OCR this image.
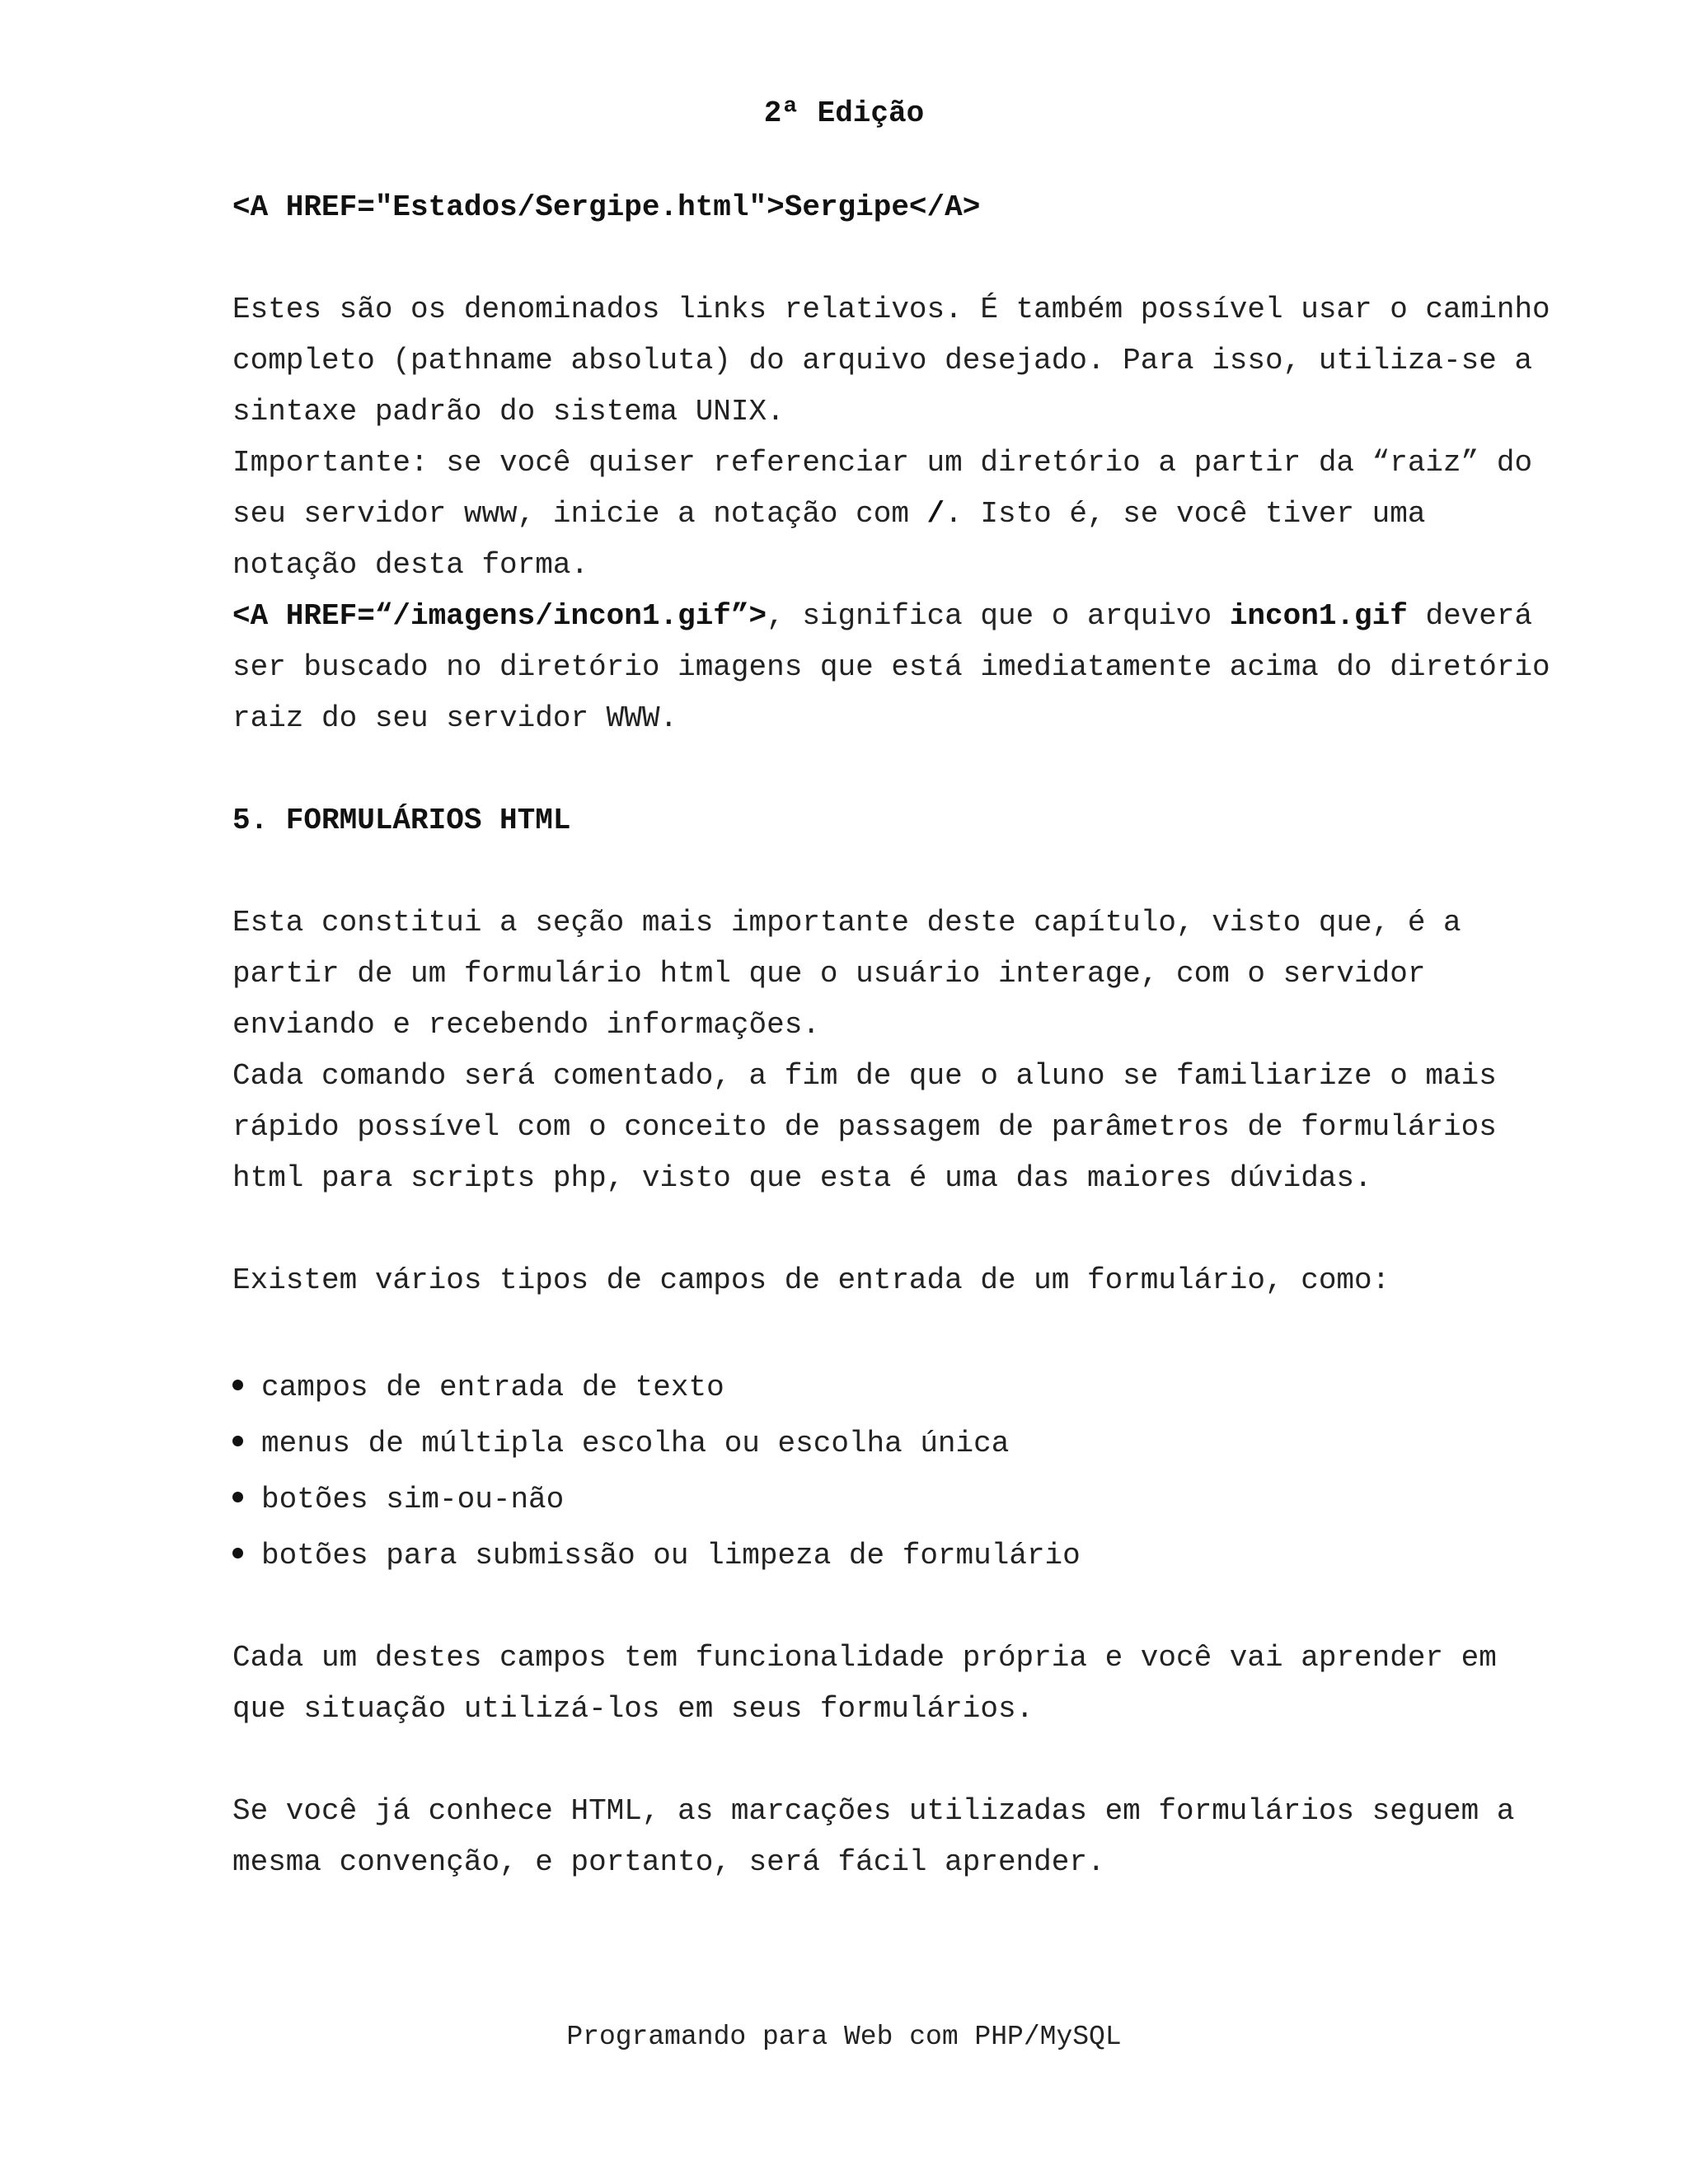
2ª Edição
<A HREF="Estados/Sergipe.html">Sergipe</A>
Estes são os denominados links relativos. É também possível usar o caminho
completo (pathname absoluta) do arquivo desejado. Para isso, utiliza-se a
sintaxe padrão do sistema UNIX.
Importante: se você quiser referenciar um diretório a partir da “raiz” do
seu servidor www, inicie a notação com /. Isto é, se você tiver uma
notação desta forma.
<A HREF=“/imagens/incon1.gif”>, significa que o arquivo incon1.gif deverá
ser buscado no diretório imagens que está imediatamente acima do diretório
raiz do seu servidor WWW.
5. FORMULÁRIOS HTML
Esta constitui a seção mais importante deste capítulo, visto que, é a
partir de um formulário html que o usuário interage, com o servidor
enviando e recebendo informações.
Cada comando será comentado, a fim de que o aluno se familiarize o mais
rápido possível com o conceito de passagem de parâmetros de formulários
html para scripts php, visto que esta é uma das maiores dúvidas.
Existem vários tipos de campos de entrada de um formulário, como:
campos de entrada de texto
menus de múltipla escolha ou escolha única
botões sim-ou-não
botões para submissão ou limpeza de formulário
Cada um destes campos tem funcionalidade própria e você vai aprender em
que situação utilizá-los em seus formulários.
Se você já conhece HTML, as marcações utilizadas em formulários seguem a
mesma convenção, e portanto, será fácil aprender.
Programando para Web com PHP/MySQL
